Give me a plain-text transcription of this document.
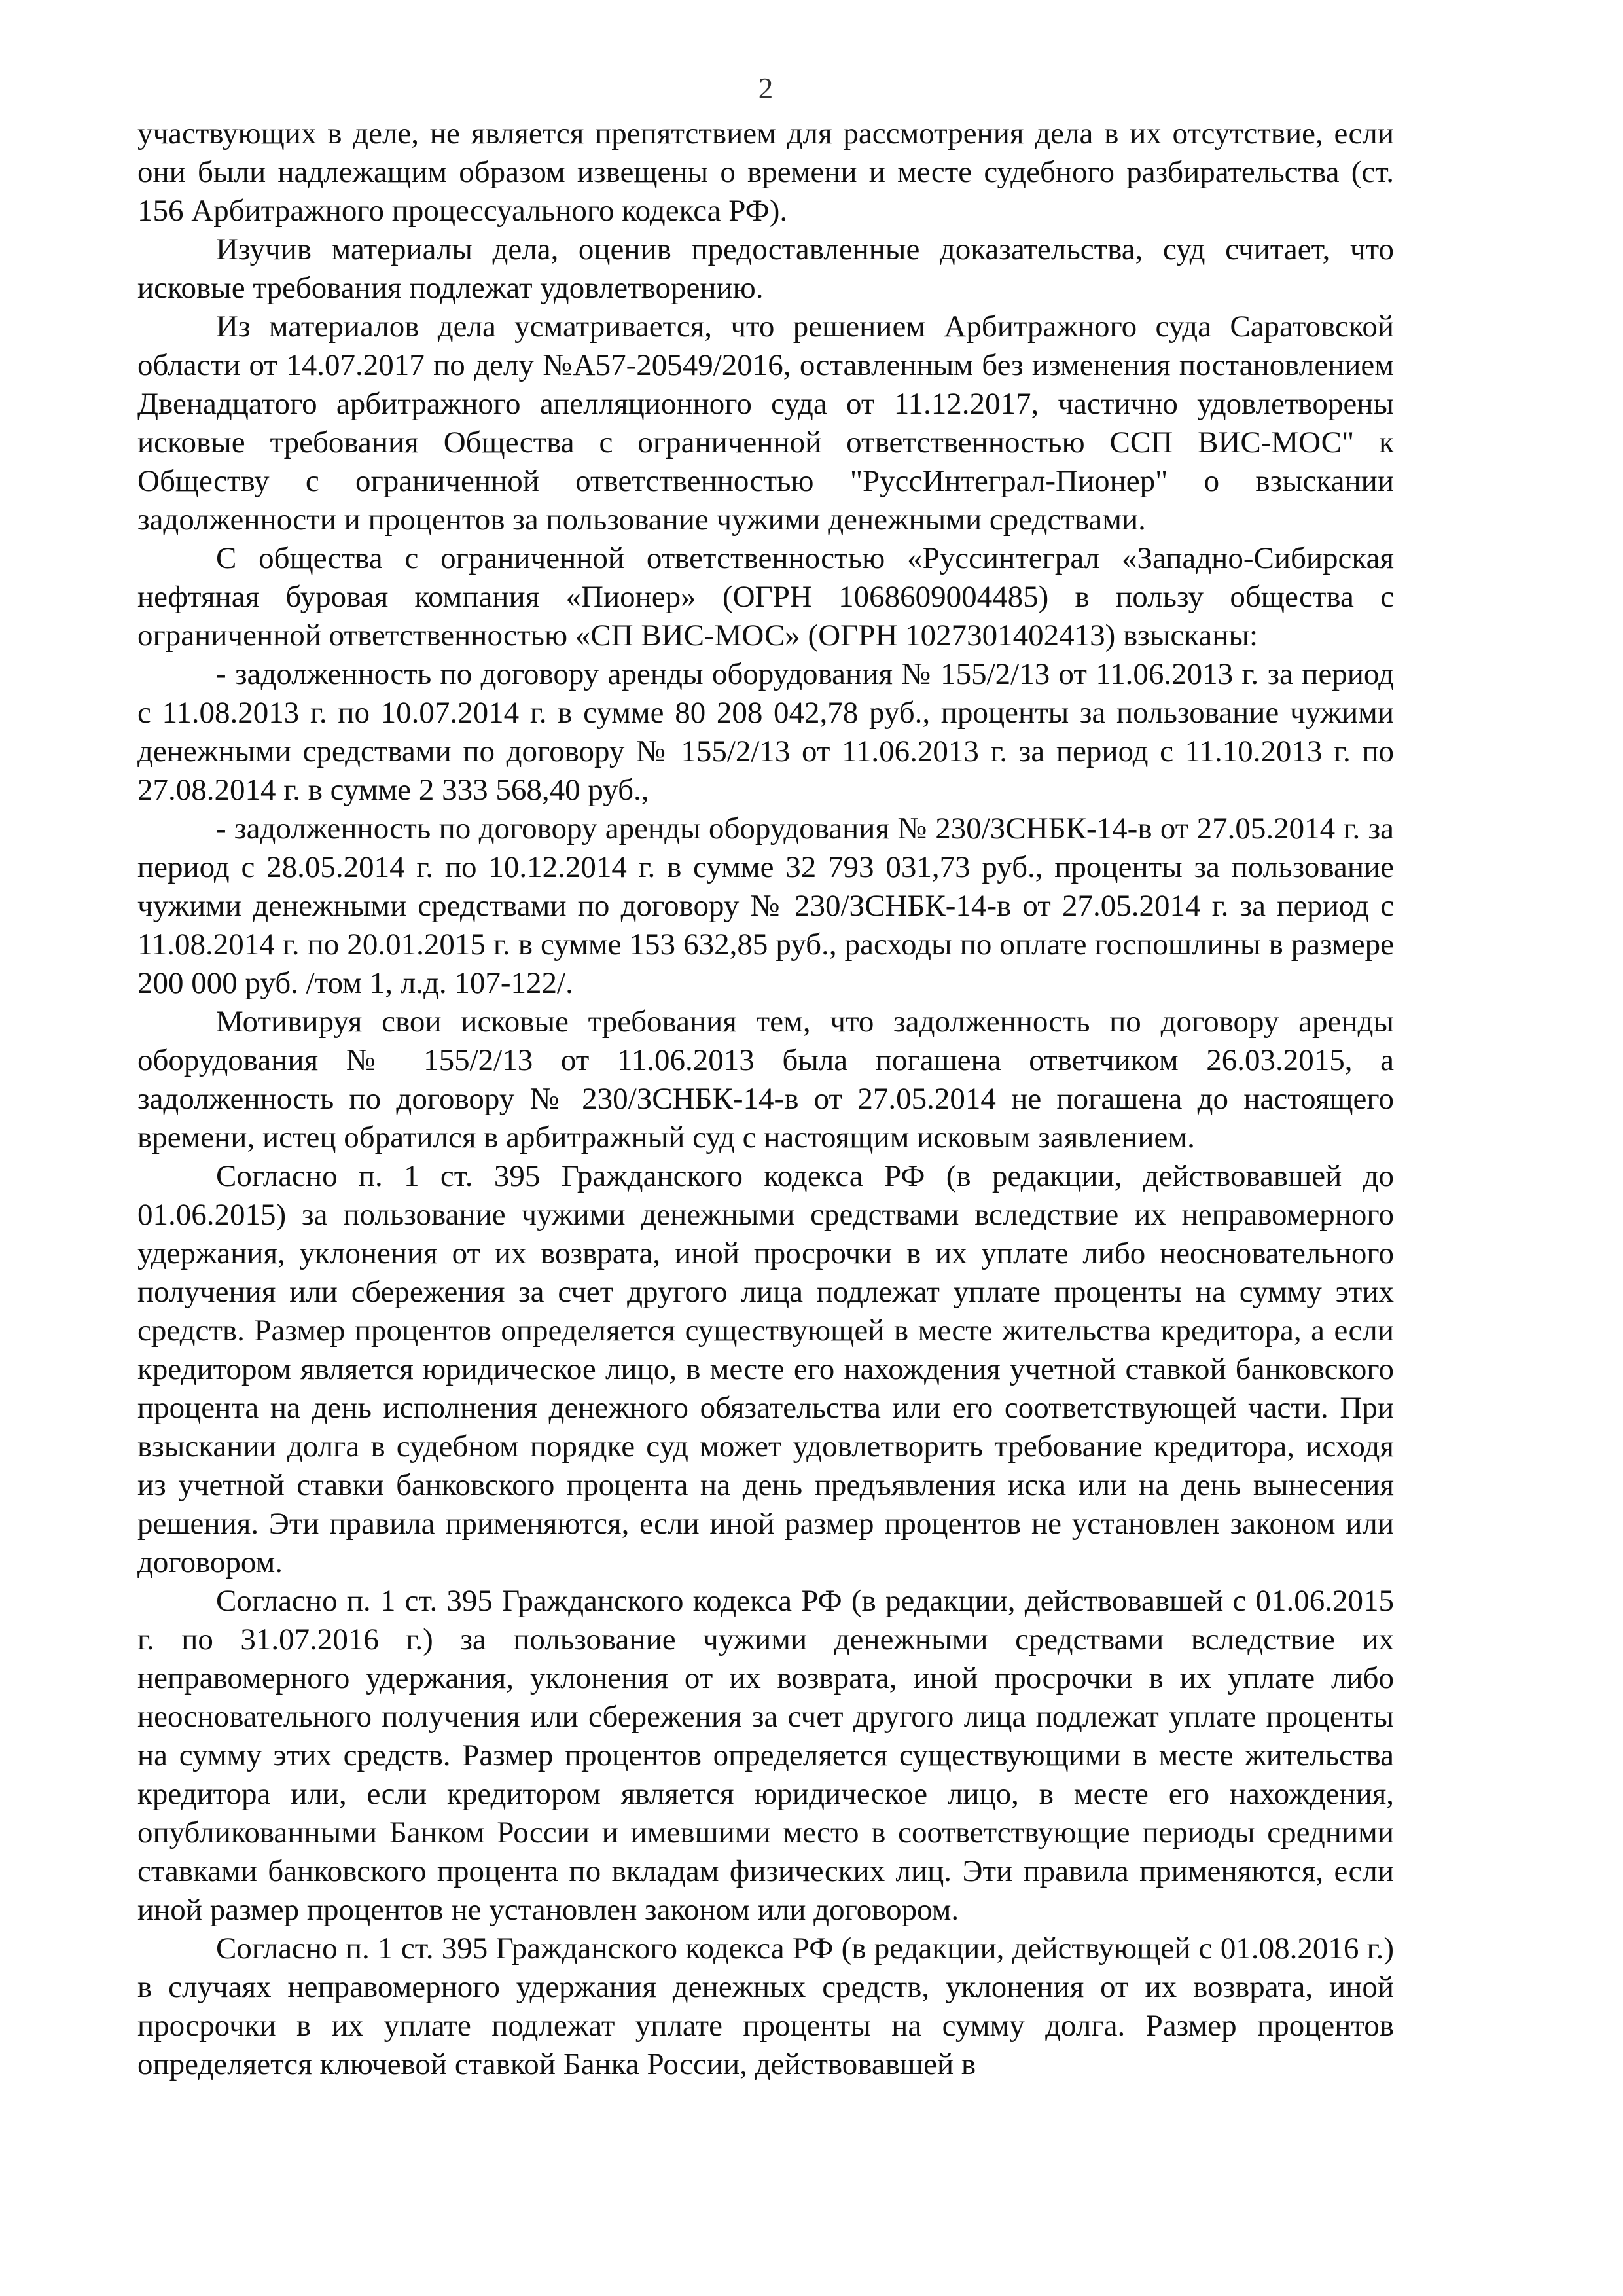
2

участвующих в деле, не является препятствием для рассмотрения дела в их отсутствие, если они были надлежащим образом извещены о времени и месте судебного разбирательства (ст. 156 Арбитражного процессуального кодекса РФ).

Изучив материалы дела, оценив предоставленные доказательства, суд считает, что исковые требования подлежат удовлетворению.

Из материалов дела усматривается, что решением Арбитражного суда Саратовской области от 14.07.2017 по делу №А57-20549/2016, оставленным без изменения постановлением Двенадцатого арбитражного апелляционного суда от 11.12.2017, частично удовлетворены исковые требования Общества с ограниченной ответственностью ССП ВИС-МОС" к Обществу с ограниченной ответственностью "РуссИнтеграл-Пионер" о взыскании задолженности и процентов за пользование чужими денежными средствами.

С общества с ограниченной ответственностью «Руссинтеграл «Западно-Сибирская нефтяная буровая компания «Пионер» (ОГРН 1068609004485) в пользу общества с ограниченной ответственностью «СП ВИС-МОС» (ОГРН 1027301402413) взысканы:

- задолженность по договору аренды оборудования № 155/2/13 от 11.06.2013 г. за период с 11.08.2013 г. по 10.07.2014 г. в сумме 80 208 042,78 руб., проценты за пользование чужими денежными средствами по договору № 155/2/13 от 11.06.2013 г. за период с 11.10.2013 г. по 27.08.2014 г. в сумме 2 333 568,40 руб.,

- задолженность по договору аренды оборудования № 230/ЗСНБК-14-в от 27.05.2014 г. за период с 28.05.2014 г. по 10.12.2014 г. в сумме 32 793 031,73 руб., проценты за пользование чужими денежными средствами по договору № 230/ЗСНБК-14-в от 27.05.2014 г. за период с 11.08.2014 г. по 20.01.2015 г. в сумме 153 632,85 руб., расходы по оплате госпошлины в размере 200 000 руб. /том 1, л.д. 107-122/.

Мотивируя свои исковые требования тем, что задолженность по договору аренды оборудования № 155/2/13 от 11.06.2013 была погашена ответчиком 26.03.2015, а задолженность по договору № 230/ЗСНБК-14-в от 27.05.2014 не погашена до настоящего времени, истец обратился в арбитражный суд с настоящим исковым заявлением.

Согласно п. 1 ст. 395 Гражданского кодекса РФ (в редакции, действовавшей до 01.06.2015) за пользование чужими денежными средствами вследствие их неправомерного удержания, уклонения от их возврата, иной просрочки в их уплате либо неосновательного получения или сбережения за счет другого лица подлежат уплате проценты на сумму этих средств. Размер процентов определяется существующей в месте жительства кредитора, а если кредитором является юридическое лицо, в месте его нахождения учетной ставкой банковского процента на день исполнения денежного обязательства или его соответствующей части. При взыскании долга в судебном порядке суд может удовлетворить требование кредитора, исходя из учетной ставки банковского процента на день предъявления иска или на день вынесения решения. Эти правила применяются, если иной размер процентов не установлен законом или договором.

Согласно п. 1 ст. 395 Гражданского кодекса РФ (в редакции, действовавшей с 01.06.2015 г. по 31.07.2016 г.) за пользование чужими денежными средствами вследствие их неправомерного удержания, уклонения от их возврата, иной просрочки в их уплате либо неосновательного получения или сбережения за счет другого лица подлежат уплате проценты на сумму этих средств. Размер процентов определяется существующими в месте жительства кредитора или, если кредитором является юридическое лицо, в месте его нахождения, опубликованными Банком России и имевшими место в соответствующие периоды средними ставками банковского процента по вкладам физических лиц. Эти правила применяются, если иной размер процентов не установлен законом или договором.

Согласно п. 1 ст. 395 Гражданского кодекса РФ (в редакции, действующей с 01.08.2016 г.) в случаях неправомерного удержания денежных средств, уклонения от их возврата, иной просрочки в их уплате подлежат уплате проценты на сумму долга. Размер процентов определяется ключевой ставкой Банка России, действовавшей в
